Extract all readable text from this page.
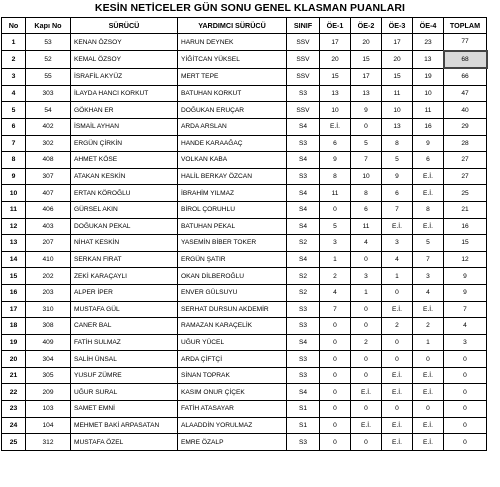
KESİN NETİCELER GÜN SONU GENEL KLASMAN PUANLARI
No	Kapı No	SÜRÜCÜ	YARDIMCI SÜRÜCÜ	SINIF	ÖE-1	ÖE-2	ÖE-3	ÖE-4	TOPLAM
1	53	KENAN ÖZSOY	HARUN DEYNEK	SSV	17	20	17	23	77
2	52	KEMAL ÖZSOY	YİĞİTCAN YÜKSEL	SSV	20	15	20	13	68
3	55	İSRAFİL AKYÜZ	MERT TEPE	SSV	15	17	15	19	66
4	303	İLAYDA HANCI KORKUT	BATUHAN KORKUT	S3	13	13	11	10	47
5	54	GÖKHAN ER	DOĞUKAN ERUÇAR	SSV	10	9	10	11	40
6	402	İSMAİL AYHAN	ARDA ARSLAN	S4	E.İ.	0	13	16	29
7	302	ERGÜN ÇİRKİN	HANDE KARAAĞAÇ	S3	6	5	8	9	28
8	408	AHMET KÖSE	VOLKAN KABA	S4	9	7	5	6	27
9	307	ATAKAN KESKİN	HALİL BERKAY ÖZCAN	S3	8	10	9	E.İ.	27
10	407	ERTAN KÖROĞLU	İBRAHİM YILMAZ	S4	11	8	6	E.İ.	25
11	406	GÜRSEL AKIN	BİROL ÇORUHLU	S4	0	6	7	8	21
12	403	DOĞUKAN PEKAL	BATUHAN PEKAL	S4	5	11	E.İ.	E.İ.	16
13	207	NİHAT KESKİN	YASEMİN BİBER TOKER	S2	3	4	3	5	15
14	410	SERKAN FIRAT	ERGÜN ŞATIR	S4	1	0	4	7	12
15	202	ZEKİ KARAÇAYLI	OKAN DİLBEROĞLU	S2	2	3	1	3	9
16	203	ALPER İPER	ENVER GÜLSUYU	S2	4	1	0	4	9
17	310	MUSTAFA GÜL	SERHAT DURSUN AKDEMİR	S3	7	0	E.İ.	E.İ.	7
18	308	CANER BAL	RAMAZAN KARAÇELİK	S3	0	0	2	2	4
19	409	FATİH SULMAZ	UĞUR YÜCEL	S4	0	2	0	1	3
20	304	SALİH ÜNSAL	ARDA ÇİFTÇİ	S3	0	0	0	0	0
21	305	YUSUF ZÜMRE	SİNAN TOPRAK	S3	0	0	E.İ.	E.İ.	0
22	209	UĞUR SURAL	KASIM ONUR ÇİÇEK	S4	0	E.İ.	E.İ.	E.İ.	0
23	103	SAMET EMNİ	FATİH ATASAYAR	S1	0	0	0	0	0
24	104	MEHMET BAKİ ARPASATAN	ALAADDİN YORULMAZ	S1	0	E.İ.	E.İ.	E.İ.	0
25	312	MUSTAFA ÖZEL	EMRE ÖZALP	S3	0	0	E.İ.	E.İ.	0
